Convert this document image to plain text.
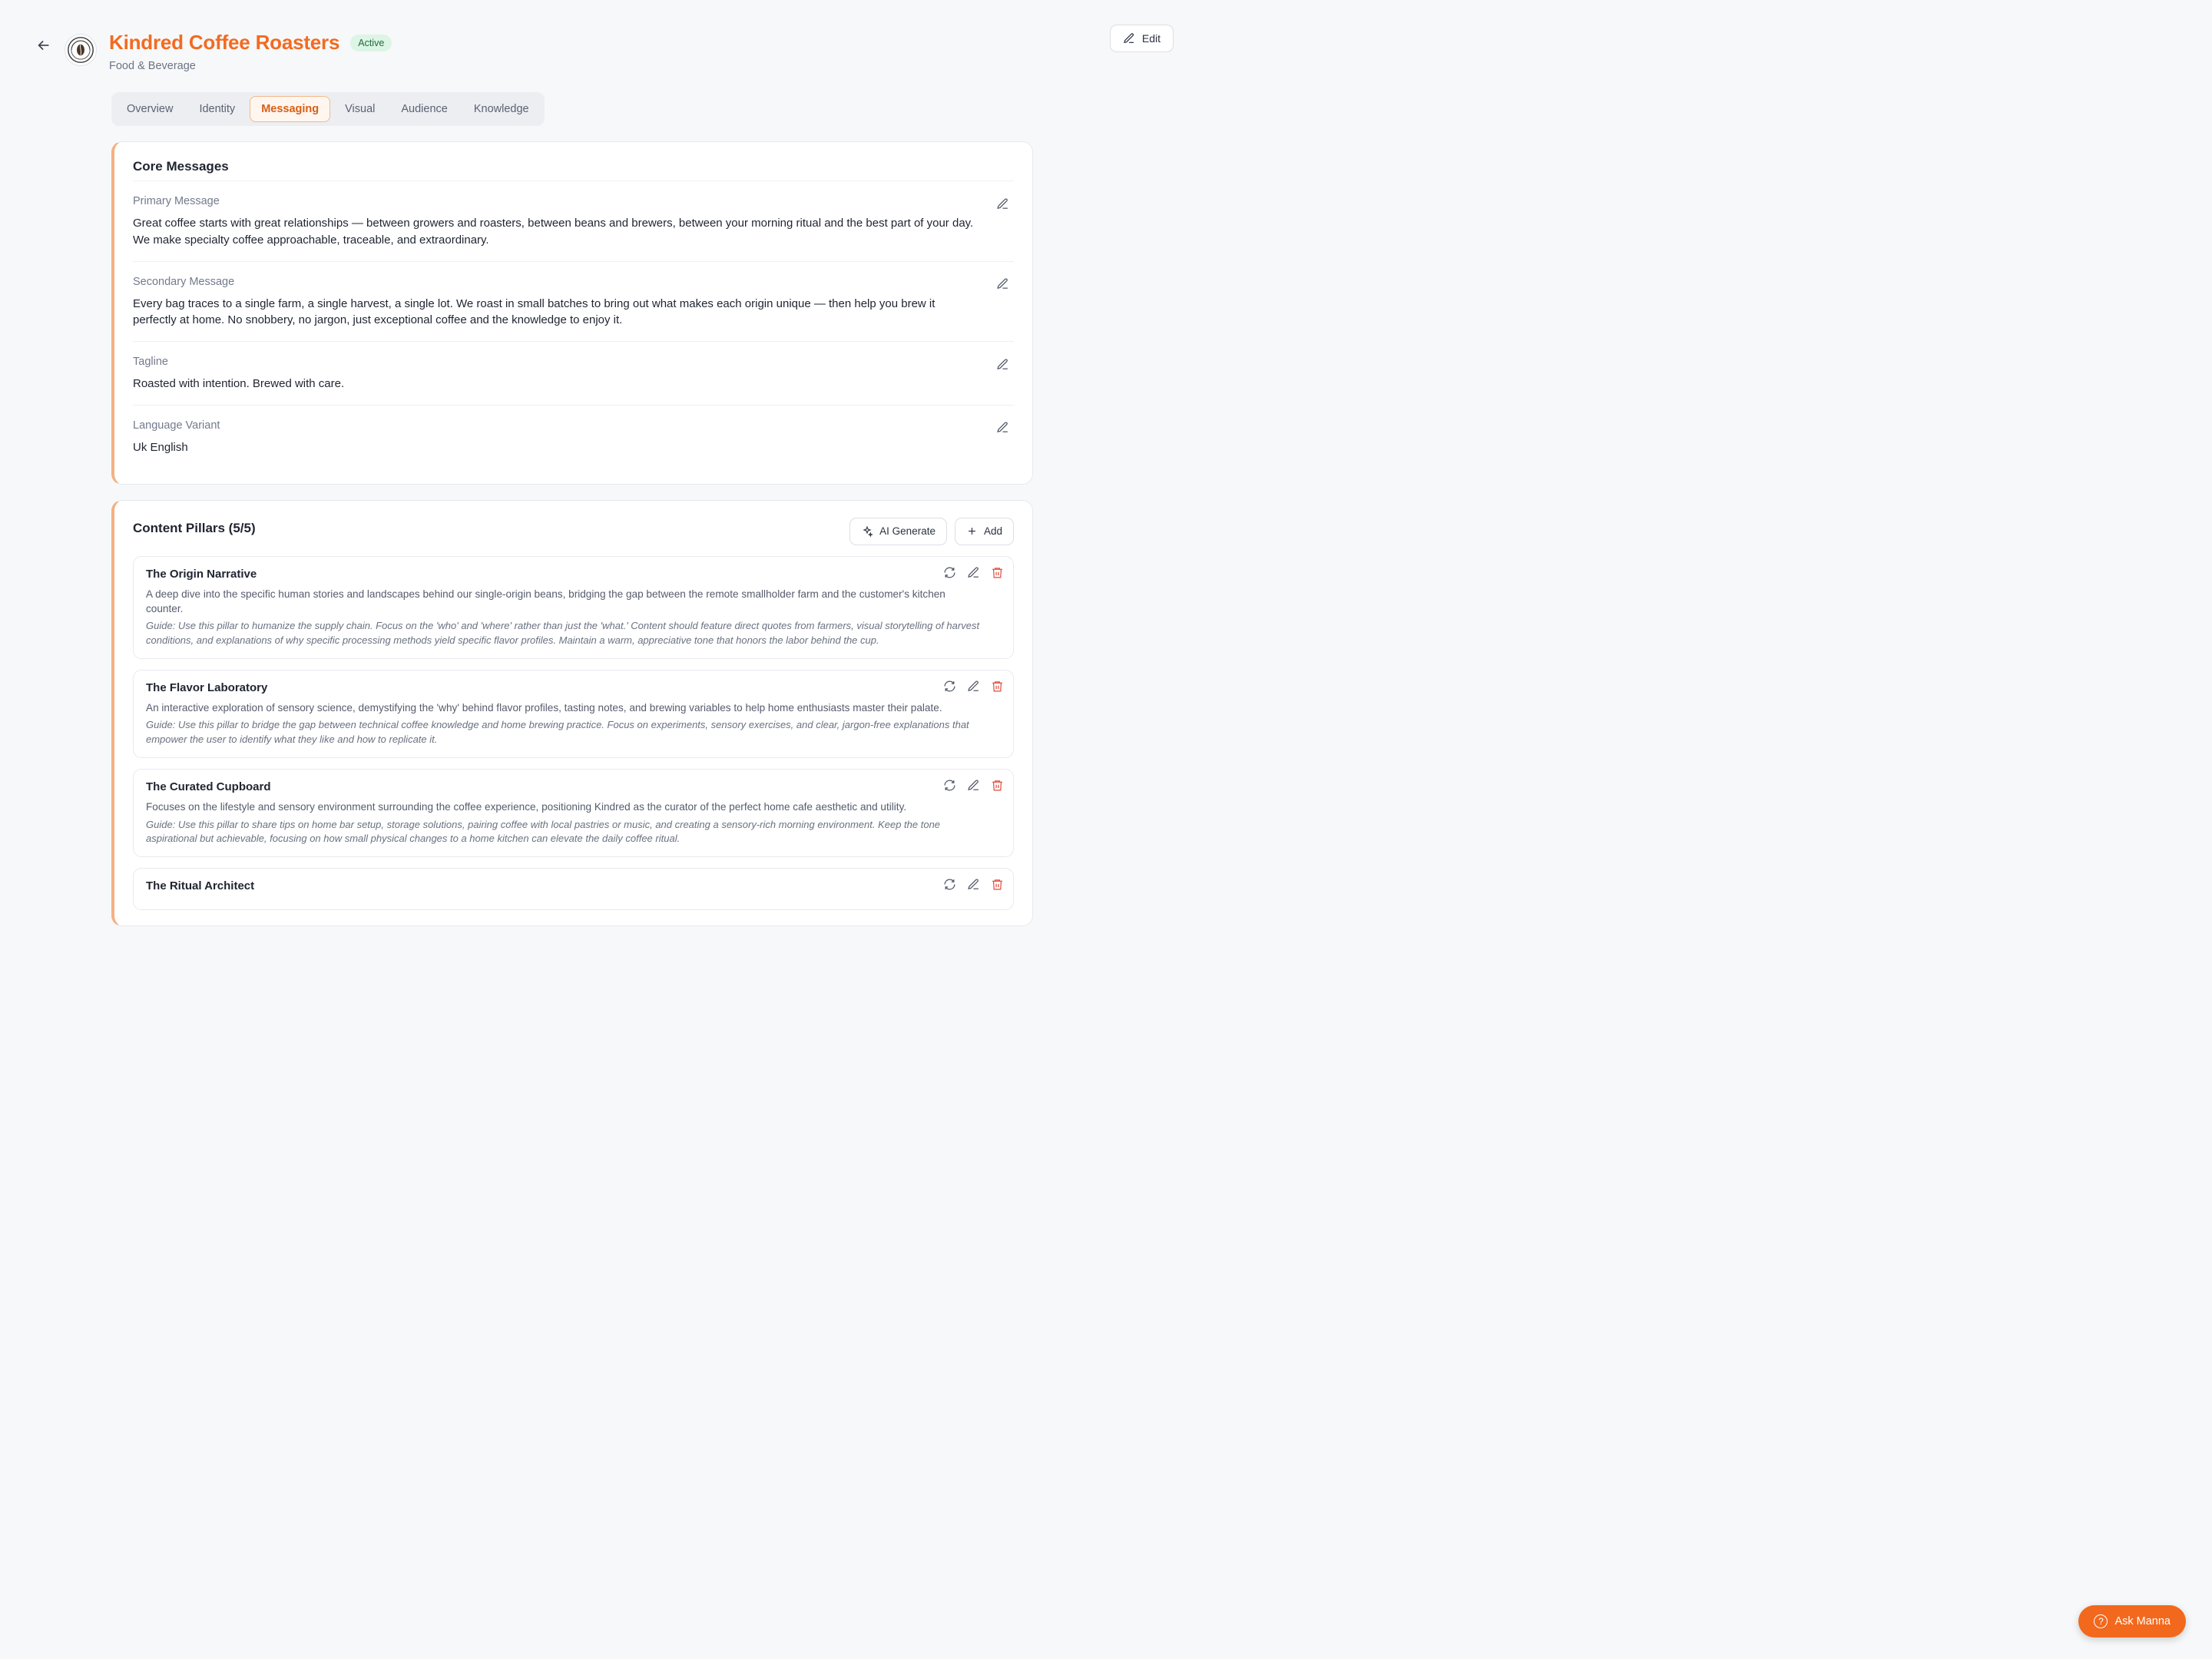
Kindred Coffee Roasters	Active
Food & Beverage
Edit
Overview	Identity	Messaging	Visual	Audience	Knowledge
Core Messages
Primary Message
Great coffee starts with great relationships — between growers and roasters, between beans and brewers, between your morning ritual and the best part of your day. We make specialty coffee approachable, traceable, and extraordinary.
Secondary Message
Every bag traces to a single farm, a single harvest, a single lot. We roast in small batches to bring out what makes each origin unique — then help you brew it perfectly at home. No snobbery, no jargon, just exceptional coffee and the knowledge to enjoy it.
Tagline
Roasted with intention. Brewed with care.
Language Variant
Uk English
Content Pillars (5/5)	AI Generate	Add
The Origin Narrative
A deep dive into the specific human stories and landscapes behind our single-origin beans, bridging the gap between the remote smallholder farm and the customer's kitchen counter.
Guide: Use this pillar to humanize the supply chain. Focus on the 'who' and 'where' rather than just the 'what.' Content should feature direct quotes from farmers, visual storytelling of harvest conditions, and explanations of why specific processing methods yield specific flavor profiles. Maintain a warm, appreciative tone that honors the labor behind the cup.
The Flavor Laboratory
An interactive exploration of sensory science, demystifying the 'why' behind flavor profiles, tasting notes, and brewing variables to help home enthusiasts master their palate.
Guide: Use this pillar to bridge the gap between technical coffee knowledge and home brewing practice. Focus on experiments, sensory exercises, and clear, jargon-free explanations that empower the user to identify what they like and how to replicate it.
The Curated Cupboard
Focuses on the lifestyle and sensory environment surrounding the coffee experience, positioning Kindred as the curator of the perfect home cafe aesthetic and utility.
Guide: Use this pillar to share tips on home bar setup, storage solutions, pairing coffee with local pastries or music, and creating a sensory-rich morning environment. Keep the tone aspirational but achievable, focusing on how small physical changes to a home kitchen can elevate the daily coffee ritual.
The Ritual Architect
?	Ask Manna
